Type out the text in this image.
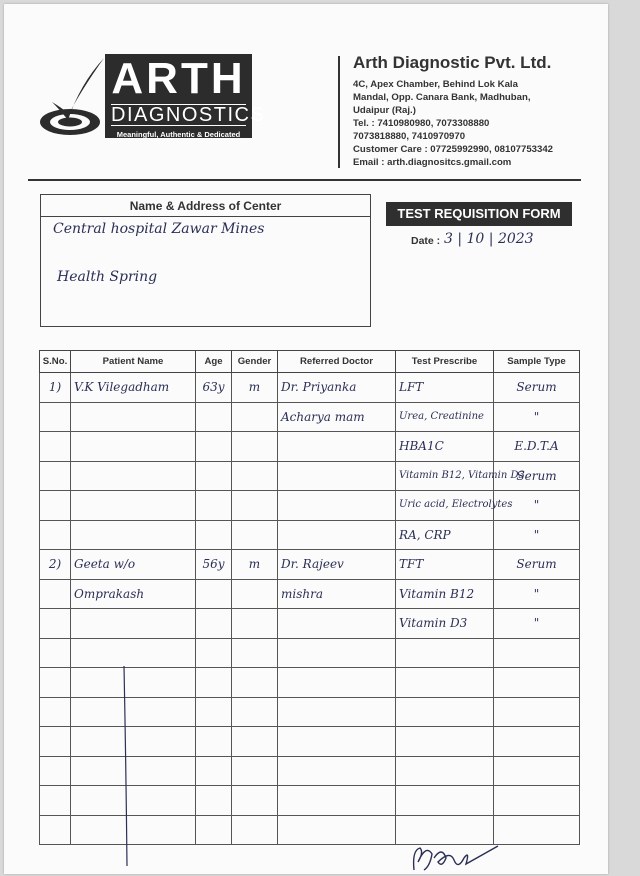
ARTH
DIAGNOSTICS
Meaningful, Authentic & Dedicated
Arth Diagnostic Pvt. Ltd.
4C, Apex Chamber, Behind Lok Kala
Mandal, Opp. Canara Bank, Madhuban,
Udaipur (Raj.)
Tel. : 7410980980, 7073308880
7073818880, 7410970970
Customer Care : 07725992990, 08107753342
Email : arth.diagnositcs.gmail.com
Name & Address of Center
Central hospital Zawar Mines
Health Spring
TEST REQUISITION FORM
Date : 3 | 10 | 2023
S.No.	Patient Name	Age	Gender	Referred Doctor	Test Prescribe	Sample Type
1)	V.K Vilegadham	63y	m	Dr. Priyanka	LFT	Serum
				Acharya mam	Urea, Creatinine	"
					HBA1C	E.D.T.A
					Vitamin B12, Vitamin D3	Serum
					Uric acid, Electrolytes	"
					RA, CRP	"
2)	Geeta w/o	56y	m	Dr. Rajeev	TFT	Serum
	Omprakash			mishra	Vitamin B12	"
					Vitamin D3	"
